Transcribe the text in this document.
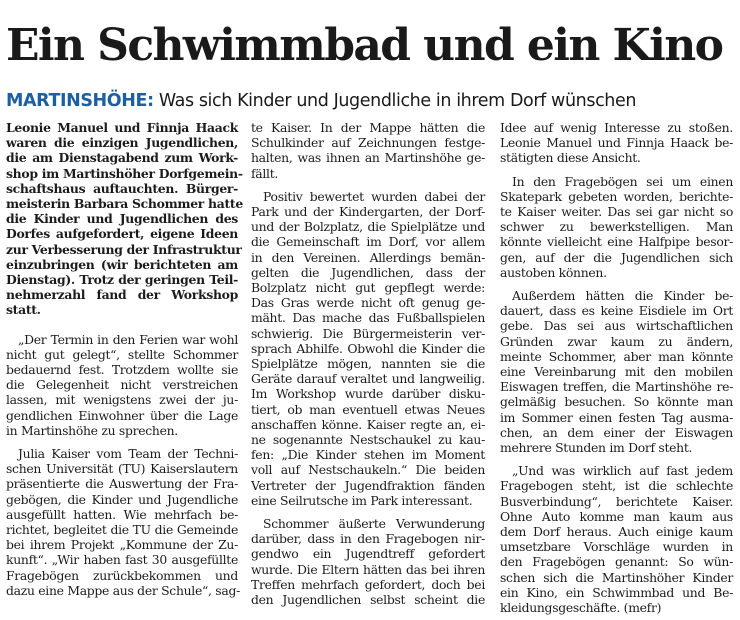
Ein Schwimmbad und ein Kino

MARTINSHÖHE: Was sich Kinder und Jugendliche in ihrem Dorf wünschen

Leonie Manuel und Finnja Haack
waren die einzigen Jugendlichen,
die am Dienstagabend zum Work-
shop im Martinshöher Dorfgemein-
schaftshaus auftauchten. Bürger-
meisterin Barbara Schommer hatte
die Kinder und Jugendlichen des
Dorfes aufgefordert, eigene Ideen
zur Verbesserung der Infrastruktur
einzubringen (wir berichteten am
Dienstag). Trotz der geringen Teil-
nehmerzahl fand der Workshop
statt.
„Der Termin in den Ferien war wohl
nicht gut gelegt“, stellte Schommer
bedauernd fest. Trotzdem wollte sie
die Gelegenheit nicht verstreichen
lassen, mit wenigstens zwei der ju-
gendlichen Einwohner über die Lage
in Martinshöhe zu sprechen.
Julia Kaiser vom Team der Techni-
schen Universität (TU) Kaiserslautern
präsentierte die Auswertung der Fra-
gebögen, die Kinder und Jugendliche
ausgefüllt hatten. Wie mehrfach be-
richtet, begleitet die TU die Gemeinde
bei ihrem Projekt „Kommune der Zu-
kunft“. „Wir haben fast 30 ausgefüllte
Fragebögen zurückbekommen und
dazu eine Mappe aus der Schule“, sag-
te Kaiser. In der Mappe hätten die
Schulkinder auf Zeichnungen festge-
halten, was ihnen an Martinshöhe ge-
fällt.
Positiv bewertet wurden dabei der
Park und der Kindergarten, der Dorf-
und der Bolzplatz, die Spielplätze und
die Gemeinschaft im Dorf, vor allem
in den Vereinen. Allerdings bemän-
gelten die Jugendlichen, dass der
Bolzplatz nicht gut gepflegt werde:
Das Gras werde nicht oft genug ge-
mäht. Das mache das Fußballspielen
schwierig. Die Bürgermeisterin ver-
sprach Abhilfe. Obwohl die Kinder die
Spielplätze mögen, nannten sie die
Geräte darauf veraltet und langweilig.
Im Workshop wurde darüber disku-
tiert, ob man eventuell etwas Neues
anschaffen könne. Kaiser regte an, ei-
ne sogenannte Nestschaukel zu kau-
fen: „Die Kinder stehen im Moment
voll auf Nestschaukeln.“ Die beiden
Vertreter der Jugendfraktion fänden
eine Seilrutsche im Park interessant.
Schommer äußerte Verwunderung
darüber, dass in den Fragebogen nir-
gendwo ein Jugendtreff gefordert
wurde. Die Eltern hätten das bei ihren
Treffen mehrfach gefordert, doch bei
den Jugendlichen selbst scheint die
Idee auf wenig Interesse zu stoßen.
Leonie Manuel und Finnja Haack be-
stätigten diese Ansicht.
In den Fragebögen sei um einen
Skatepark gebeten worden, berichte-
te Kaiser weiter. Das sei gar nicht so
schwer zu bewerkstelligen. Man
könnte vielleicht eine Halfpipe besor-
gen, auf der die Jugendlichen sich
austoben können.
Außerdem hätten die Kinder be-
dauert, dass es keine Eisdiele im Ort
gebe. Das sei aus wirtschaftlichen
Gründen zwar kaum zu ändern,
meinte Schommer, aber man könnte
eine Vereinbarung mit den mobilen
Eiswagen treffen, die Martinshöhe re-
gelmäßig besuchen. So könnte man
im Sommer einen festen Tag ausma-
chen, an dem einer der Eiswagen
mehrere Stunden im Dorf steht.
„Und was wirklich auf fast jedem
Fragebogen steht, ist die schlechte
Busverbindung“, berichtete Kaiser.
Ohne Auto komme man kaum aus
dem Dorf heraus. Auch einige kaum
umsetzbare Vorschläge wurden in
den Fragebögen genannt: So wün-
schen sich die Martinshöher Kinder
ein Kino, ein Schwimmbad und Be-
kleidungsgeschäfte. (mefr)
